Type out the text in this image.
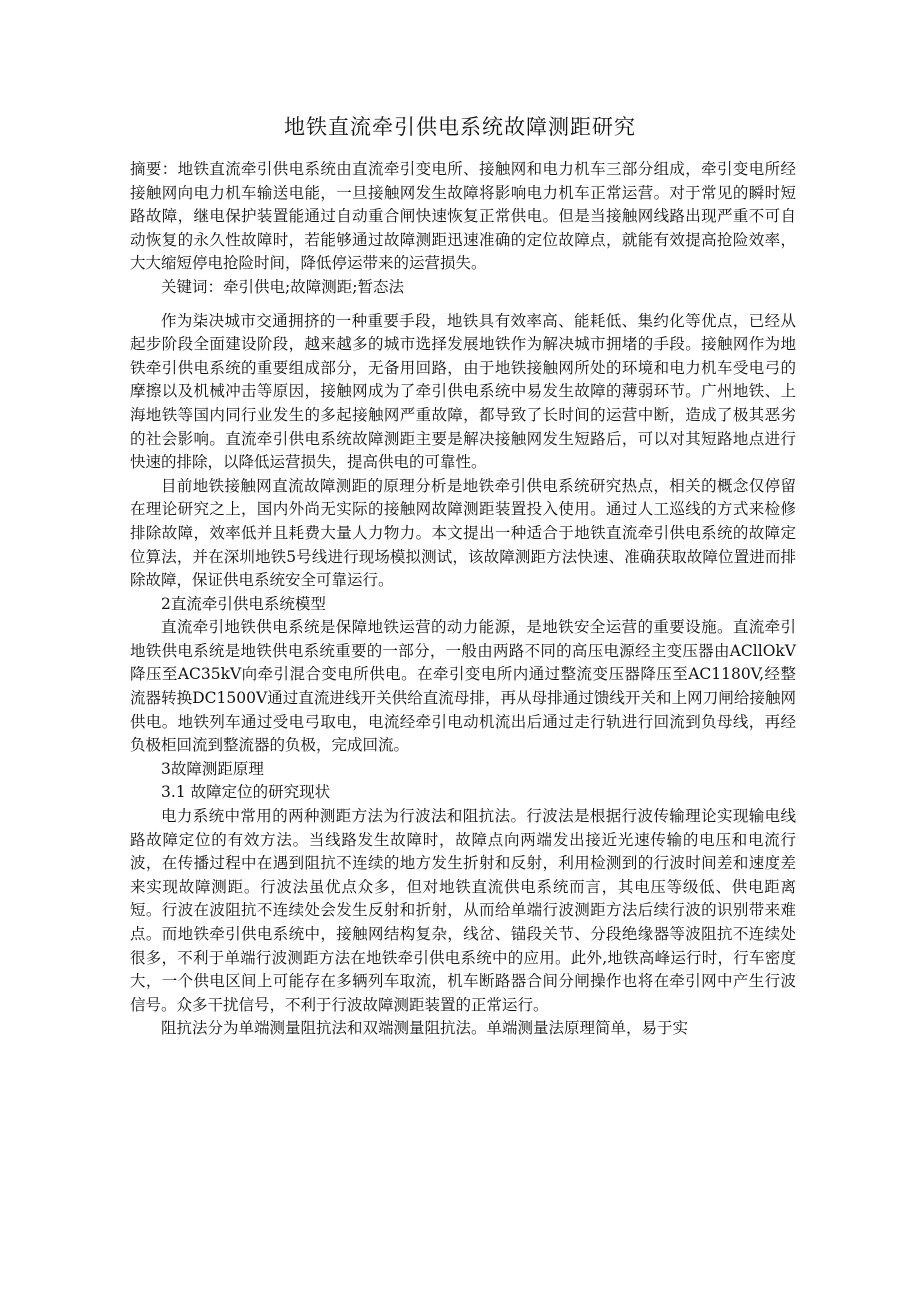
地铁直流牵引供电系统故障测距研究

摘要：地铁直流牵引供电系统由直流牵引变电所、接触网和电力机车三部分组成，牵引变电所经接触网向电力机车输送电能，一旦接触网发生故障将影响电力机车正常运营。对于常见的瞬时短路故障，继电保护装置能通过自动重合闸快速恢复正常供电。但是当接触网线路出现严重不可自动恢复的永久性故障时，若能够通过故障测距迅速准确的定位故障点，就能有效提高抢险效率，大大缩短停电抢险时间，降低停运带来的运营损失。

关键词：牵引供电;故障测距;暂态法

作为柒决城市交通拥挤的一种重要手段，地铁具有效率高、能耗低、集约化等优点，已经从起步阶段全面建设阶段，越来越多的城市选择发展地铁作为解决城市拥堵的手段。接触网作为地铁牵引供电系统的重要组成部分，无备用回路，由于地铁接触网所处的环境和电力机车受电弓的摩擦以及机械冲击等原因，接触网成为了牵引供电系统中易发生故障的薄弱环节。广州地铁、上海地铁等国内同行业发生的多起接触网严重故障，都导致了长时间的运营中断，造成了极其恶劣的社会影响。直流牵引供电系统故障测距主要是解决接触网发生短路后，可以对其短路地点进行快速的排除，以降低运营损失，提高供电的可靠性。

目前地铁接触网直流故障测距的原理分析是地铁牵引供电系统研究热点，相关的概念仅停留在理论研究之上，国内外尚无实际的接触网故障测距装置投入使用。通过人工巡线的方式来检修排除故障，效率低并且耗费大量人力物力。本文提出一种适合于地铁直流牵引供电系统的故障定位算法，并在深圳地铁5号线进行现场模拟测试，该故障测距方法快速、准确获取故障位置进而排除故障，保证供电系统安全可靠运行。

2直流牵引供电系统模型

直流牵引地铁供电系统是保障地铁运营的动力能源，是地铁安全运营的重要设施。直流牵引地铁供电系统是地铁供电系统重要的一部分，一般由两路不同的高压电源经主变压器由ACllOkV降压至AC35kV向牵引混合变电所供电。在牵引变电所内通过整流变压器降压至AC1180V,经整流器转换DC1500V通过直流进线开关供给直流母排，再从母排通过馈线开关和上网刀闸给接触网供电。地铁列车通过受电弓取电，电流经牵引电动机流出后通过走行轨进行回流到负母线，再经负极柜回流到整流器的负极，完成回流。

3故障测距原理

3.1 故障定位的研究现状

电力系统中常用的两种测距方法为行波法和阻抗法。行波法是根据行波传输理论实现输电线路故障定位的有效方法。当线路发生故障时，故障点向两端发出接近光速传输的电压和电流行波，在传播过程中在遇到阻抗不连续的地方发生折射和反射，利用检测到的行波时间差和速度差来实现故障测距。行波法虽优点众多，但对地铁直流供电系统而言，其电压等级低、供电距离短。行波在波阻抗不连续处会发生反射和折射，从而给单端行波测距方法后续行波的识别带来难点。而地铁牵引供电系统中，接触网结构复杂，线岔、锚段关节、分段绝缘器等波阻抗不连续处很多，不利于单端行波测距方法在地铁牵引供电系统中的应用。此外,地铁高峰运行时，行车密度大，一个供电区间上可能存在多辆列车取流，机车断路器合间分闸操作也将在牵引网中产生行波信号。众多干扰信号，不利于行波故障测距装置的正常运行。

阻抗法分为单端测量阻抗法和双端测量阻抗法。单端测量法原理简单，易于实
